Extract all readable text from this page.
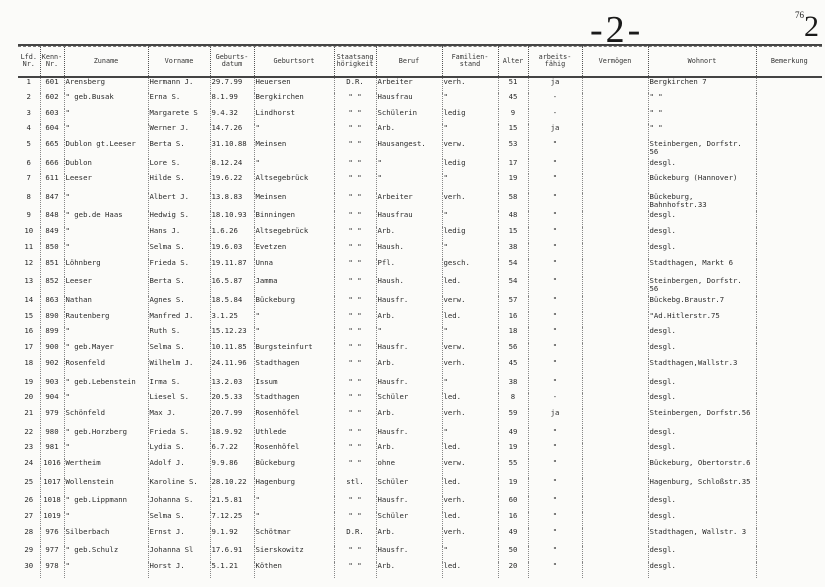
-2-	$^{76}$2
Lfd. Nr.	Kenn- Nr.	Zuname	Vorname	Geburts- datum	Geburtsort	Staatsang hörigkeit	Beruf	Familien- stand	Alter	arbeits- fähig	Vermögen	Wohnort	Bemerkung
1	601	Arensberg	Hermann J.	29.7.99	Heuersen	D.R.	Arbeiter	verh.	51	ja		Bergkirchen 7	
2	602	" geb.Busak	Erna S.	8.1.99	Bergkirchen	" "	Hausfrau	"	45	-		" "	
3	603	"	Margarete S	9.4.32	Lindhorst	" "	Schülerin	ledig	9	-		" "	
4	604	"	Werner J.	14.7.26	"	" "	Arb.	"	15	ja		" "	
5	665	Dublon gt.Leeser	Berta S.	31.10.88	Meinsen	" "	Hausangest.	verw.	53	"		Steinbergen, Dorfstr. 56	
6	666	Dublon	Lore S.	8.12.24	"	" "	"	ledig	17	"		desgl.	
7	611	Leeser	Hilde S.	19.6.22	Altsegebrück	" "	"	"	19	"		Bückeburg (Hannover)	
8	847	"	Albert J.	13.8.83	Meinsen	" "	Arbeiter	verh.	58	"		Bückeburg, Bahnhofstr.33	
9	848	" geb.de Haas	Hedwig S.	18.10.93	Binningen	" "	Hausfrau	"	48	"		desgl.	
10	849	"	Hans J.	1.6.26	Altsegebrück	" "	Arb.	ledig	15	"		desgl.	
11	850	"	Selma S.	19.6.03	Evetzen	" "	Haush.	"	38	"		desgl.	
12	851	Löhnberg	Frieda S.	19.11.87	Unna	" "	Pfl.	gesch.	54	"		Stadthagen, Markt 6	
13	852	Leeser	Berta S.	16.5.87	Jamma	" "	Haush.	led.	54	"		Steinbergen, Dorfstr. 56	
14	863	Nathan	Agnes S.	18.5.84	Bückeburg	" "	Hausfr.	verw.	57	"		Bückebg.Braustr.7	
15	890	Rautenberg	Manfred J.	3.1.25	"	" "	Arb.	led.	16	"		"Ad.Hitlerstr.75	
16	899	"	Ruth S.	15.12.23	"	" "	"	"	18	"		desgl.	
17	900	" geb.Mayer	Selma S.	10.11.85	Burgsteinfurt	" "	Hausfr.	verw.	56	"		desgl.	
18	902	Rosenfeld	Wilhelm J.	24.11.96	Stadthagen	" "	Arb.	verh.	45	"		Stadthagen,Wallstr.3	
19	903	" geb.Lebenstein	Irma S.	13.2.03	Issum	" "	Hausfr.	"	38	"		desgl.	
20	904	"	Liesel S.	20.5.33	Stadthagen	" "	Schüler	led.	8	-		desgl.	
21	979	Schönfeld	Max J.	20.7.99	Rosenhöfel	" "	Arb.	verh.	59	ja		Steinbergen, Dorfstr.56	
22	980	" geb.Horzberg	Frieda S.	18.9.92	Uthlede	" "	Hausfr.	"	49	"		desgl.	
23	981	"	Lydia S.	6.7.22	Rosenhöfel	" "	Arb.	led.	19	"		desgl.	
24	1016	Wertheim	Adolf J.	9.9.86	Bückeburg	" "	ohne	verw.	55	"		Bückeburg, Obertorstr.6	
25	1017	Wollenstein	Karoline S.	28.10.22	Hagenburg	stl.	Schüler	led.	19	"		Hagenburg, Schloßstr.35	
26	1018	" geb.Lippmann	Johanna S.	21.5.81	"	" "	Hausfr.	verh.	60	"		desgl.	
27	1019	"	Selma S.	7.12.25	"	" "	Schüler	led.	16	"		desgl.	
28	976	Silberbach	Ernst J.	9.1.92	Schötmar	D.R.	Arb.	verh.	49	"		Stadthagen, Wallstr. 3	
29	977	" geb.Schulz	Johanna Sl	17.6.91	Sierskowitz	" "	Hausfr.	"	50	"		desgl.	
30	978	"	Horst J.	5.1.21	Köthen	" "	Arb.	led.	20	"		desgl.	
